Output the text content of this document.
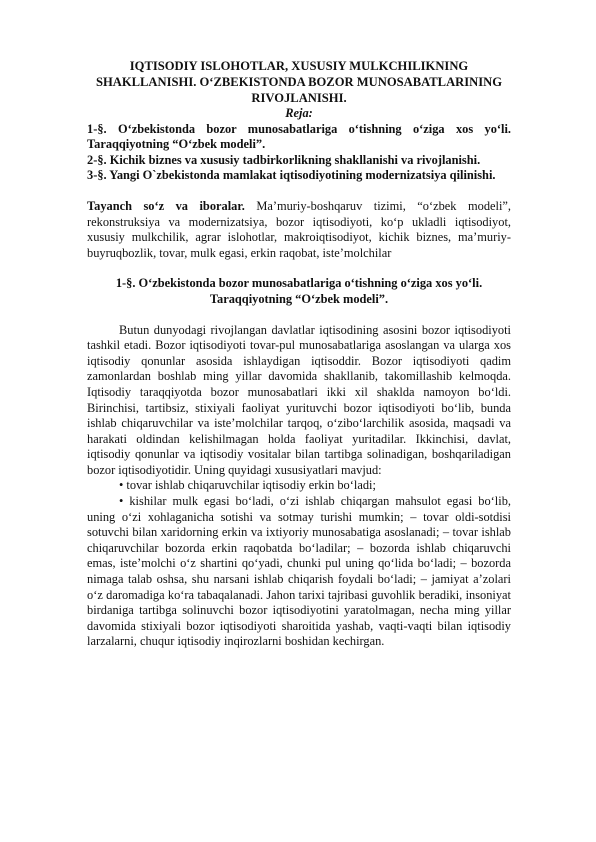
IQTISODIY ISLOHOTLAR, XUSUSIY MULKCHILIKNING SHAKLLANISHI. O‘ZBEKISTONDA BOZOR MUNOSABATLARINING RIVOJLANISHI.
Reja:
1-§. O‘zbekistonda bozor munosabatlariga o‘tishning o‘ziga xos yo‘li. Taraqqiyotning “O‘zbek modeli”.
2-§. Kichik biznes va xususiy tadbirkorlikning shakllanishi va rivojlanishi.
3-§. Yangi O`zbekistonda mamlakat iqtisodiyotining modernizatsiya qilinishi.
Tayanch so‘z va iboralar. Ma’muriy-boshqaruv tizimi, “o‘zbek modeli”, rekonstruksiya va modernizatsiya, bozor iqtisodiyoti, ko‘p ukladli iqtisodiyot, xususiy mulkchilik, agrar islohotlar, makroiqtisodiyot, kichik biznes, ma’muriy-buyruqbozlik, tovar, mulk egasi, erkin raqobat, iste’molchilar
1-§. O‘zbekistonda bozor munosabatlariga o‘tishning o‘ziga xos yo‘li.
Taraqqiyotning “O‘zbek modeli”.
Butun dunyodagi rivojlangan davlatlar iqtisodining asosini bozor iqtisodiyoti tashkil etadi. Bozor iqtisodiyoti tovar-pul munosabatlariga asoslangan va ularga xos iqtisodiy qonunlar asosida ishlaydigan iqtisoddir. Bozor iqtisodiyoti qadim zamonlardan boshlab ming yillar davomida shakllanib, takomillashib kelmoqda. Iqtisodiy taraqqiyotda bozor munosabatlari ikki xil shaklda namoyon bo‘ldi. Birinchisi, tartibsiz, stixiyali faoliyat yurituvchi bozor iqtisodiyoti bo‘lib, bunda ishlab chiqaruvchilar va iste’molchilar tarqoq, o‘zibo‘larchilik asosida, maqsadi va harakati oldindan kelishilmagan holda faoliyat yuritadilar. Ikkinchisi, davlat, iqtisodiy qonunlar va iqtisodiy vositalar bilan tartibga solinadigan, boshqariladigan bozor iqtisodiyotidir. Uning quyidagi xususiyatlari mavjud:
• tovar ishlab chiqaruvchilar iqtisodiy erkin bo‘ladi;
• kishilar mulk egasi bo‘ladi, o‘zi ishlab chiqargan mahsulot egasi bo‘lib, uning o‘zi xohlaganicha sotishi va sotmay turishi mumkin; – tovar oldi-sotdisi sotuvchi bilan xaridorning erkin va ixtiyoriy munosabatiga asoslanadi; – tovar ishlab chiqaruvchilar bozorda erkin raqobatda bo‘ladilar; – bozorda ishlab chiqaruvchi emas, iste’molchi o‘z shartini qo‘yadi, chunki pul uning qo‘lida bo‘ladi; – bozorda nimaga talab oshsa, shu narsani ishlab chiqarish foydali bo‘ladi; – jamiyat a’zolari o‘z daromadiga ko‘ra tabaqalanadi. Jahon tarixi tajribasi guvohlik beradiki, insoniyat birdaniga tartibga solinuvchi bozor iqtisodiyotini yaratolmagan, necha ming yillar davomida stixiyali bozor iqtisodiyoti sharoitida yashab, vaqti-vaqti bilan iqtisodiy larzalarni, chuqur iqtisodiy inqirozlarni boshidan kechirgan.
